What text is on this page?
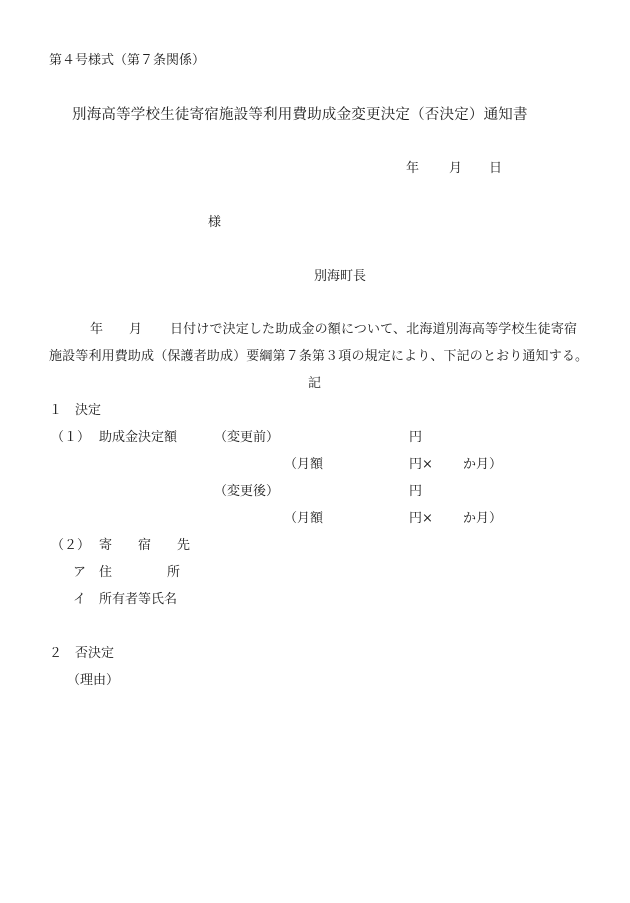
第４号様式（第７条関係）
別海高等学校生徒寄宿施設等利用費助成金変更決定（否決定）通知書
年 月 日
様
別海町長
年 月 日付けで決定した助成金の額について、北海道別海高等学校生徒寄宿
施設等利用費助成（保護者助成）要綱第７条第３項の規定により、下記のとおり通知する。
記
１　決定
（１） 助成金決定額	（変更前）	円
（月額	円× か月）
（変更後）	円
（月額	円× か月）
（２） 寄 宿 先
ア 住	所
イ 所有者等氏名
２　否決定
（理由）
